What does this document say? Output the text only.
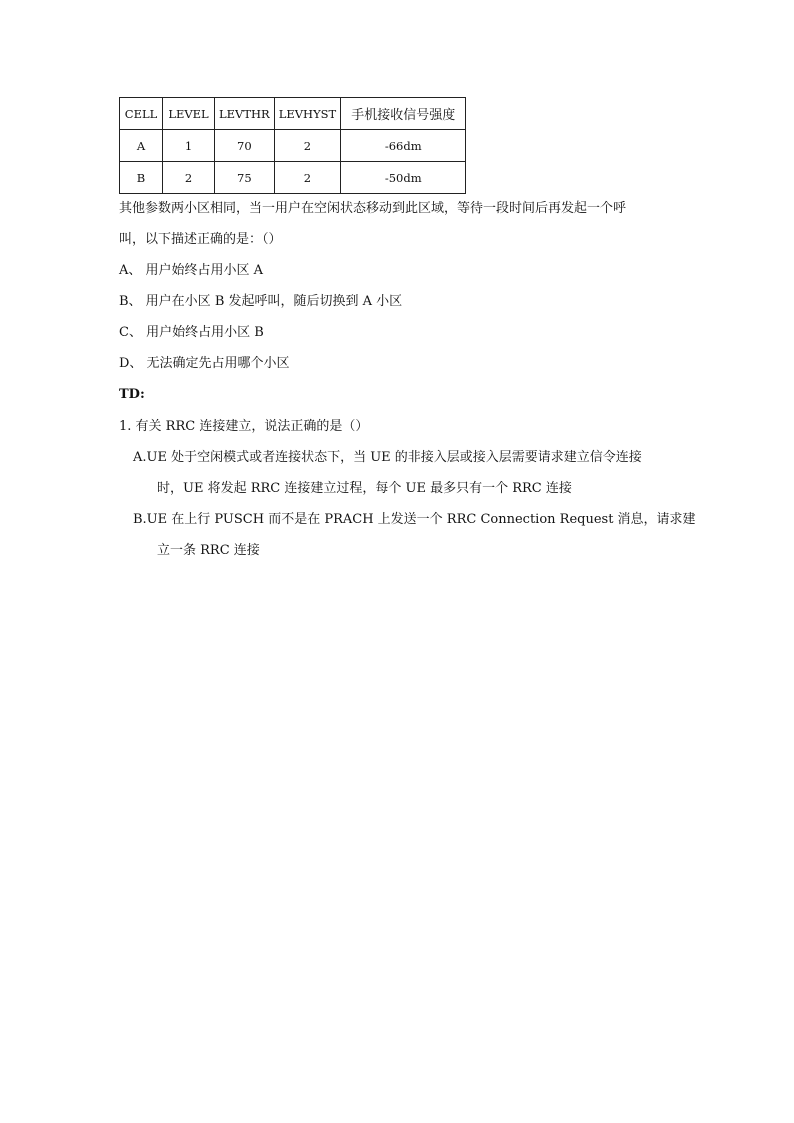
CELL	LEVEL	LEVTHR	LEVHYST	手机接收信号强度
A	1	70	2	-66dm
B	2	75	2	-50dm
其他参数两小区相同，当一用户在空闲状态移动到此区域，等待一段时间后再发起一个呼
叫，以下描述正确的是：（）
A、 用户始终占用小区 A
B、 用户在小区 B 发起呼叫，随后切换到 A 小区
C、 用户始终占用小区 B
D、 无法确定先占用哪个小区
TD:
1. 有关 RRC 连接建立，说法正确的是（）
A.UE 处于空闲模式或者连接状态下，当 UE 的非接入层或接入层需要请求建立信令连接
时，UE 将发起 RRC 连接建立过程，每个 UE 最多只有一个 RRC 连接
B.UE 在上行 PUSCH 而不是在 PRACH 上发送一个 RRC Connection Request 消息，请求建
立一条 RRC 连接
